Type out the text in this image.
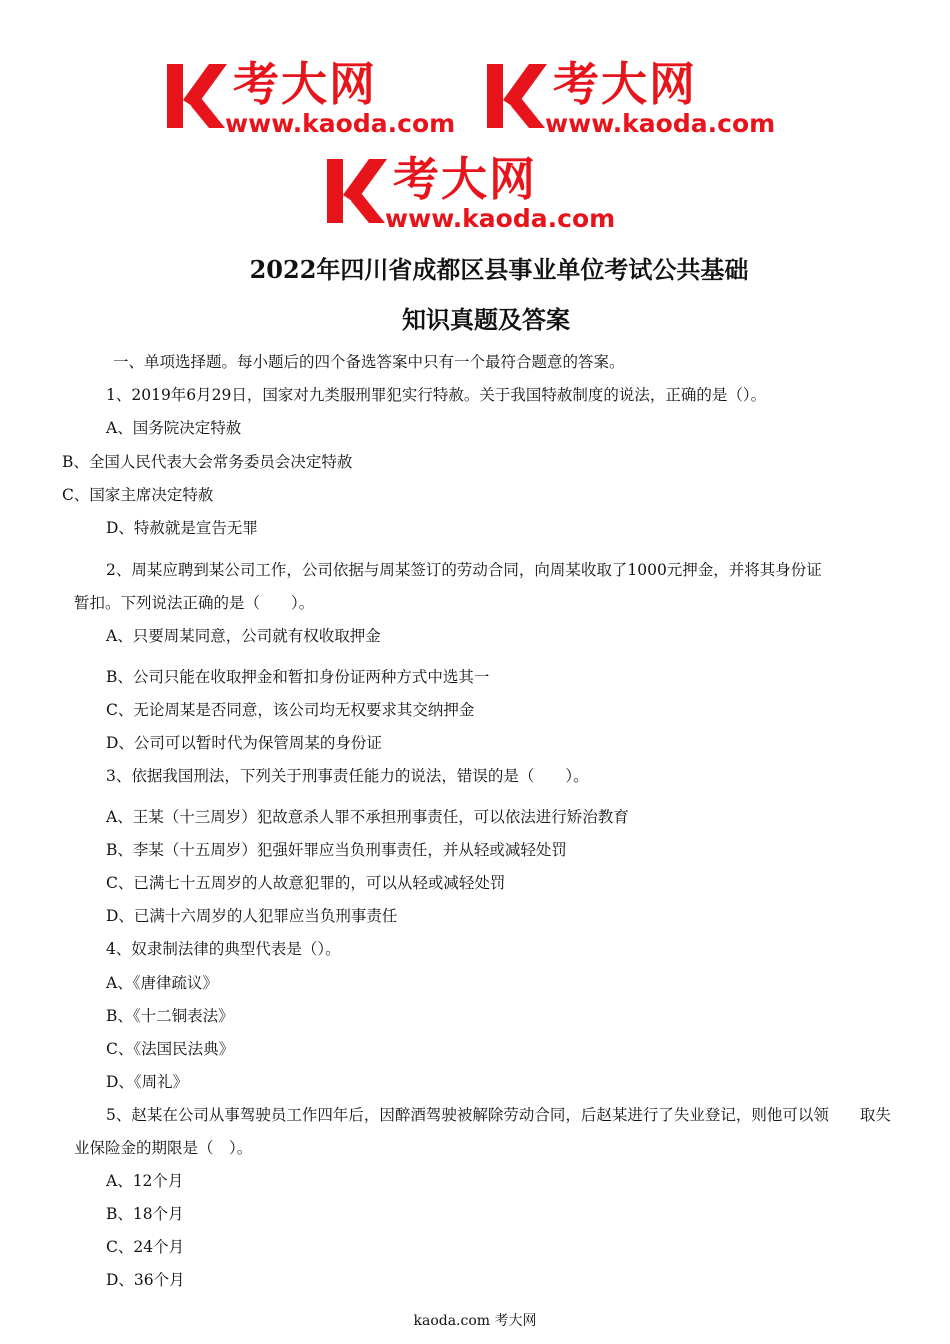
考大网
www.kaoda.com
考大网
www.kaoda.com
考大网
www.kaoda.com
2022年四川省成都区县事业单位考试公共基础
知识真题及答案
一、单项选择题。每小题后的四个备选答案中只有一个最符合题意的答案。
1、2019年6月29日，国家对九类服刑罪犯实行特赦。关于我国特赦制度的说法，正确的是（）。
A、国务院决定特赦
B、全国人民代表大会常务委员会决定特赦
C、国家主席决定特赦
D、特赦就是宣告无罪
2、周某应聘到某公司工作，公司依据与周某签订的劳动合同，向周某收取了1000元押金，并将其身份证
暂扣。下列说法正确的是（　　）。
A、只要周某同意，公司就有权收取押金
B、公司只能在收取押金和暂扣身份证两种方式中选其一
C、无论周某是否同意，该公司均无权要求其交纳押金
D、公司可以暂时代为保管周某的身份证
3、依据我国刑法，下列关于刑事责任能力的说法，错误的是（　　）。
A、王某（十三周岁）犯故意杀人罪不承担刑事责任，可以依法进行矫治教育
B、李某（十五周岁）犯强奸罪应当负刑事责任，并从轻或减轻处罚
C、已满七十五周岁的人故意犯罪的，可以从轻或减轻处罚
D、已满十六周岁的人犯罪应当负刑事责任
4、奴隶制法律的典型代表是（）。
A、《唐律疏议》
B、《十二铜表法》
C、《法国民法典》
D、《周礼》
5、赵某在公司从事驾驶员工作四年后，因醉酒驾驶被解除劳动合同，后赵某进行了失业登记，则他可以领　　取失
业保险金的期限是（　）。
A、12个月
B、18个月
C、24个月
D、36个月
kaoda.com 考大网
